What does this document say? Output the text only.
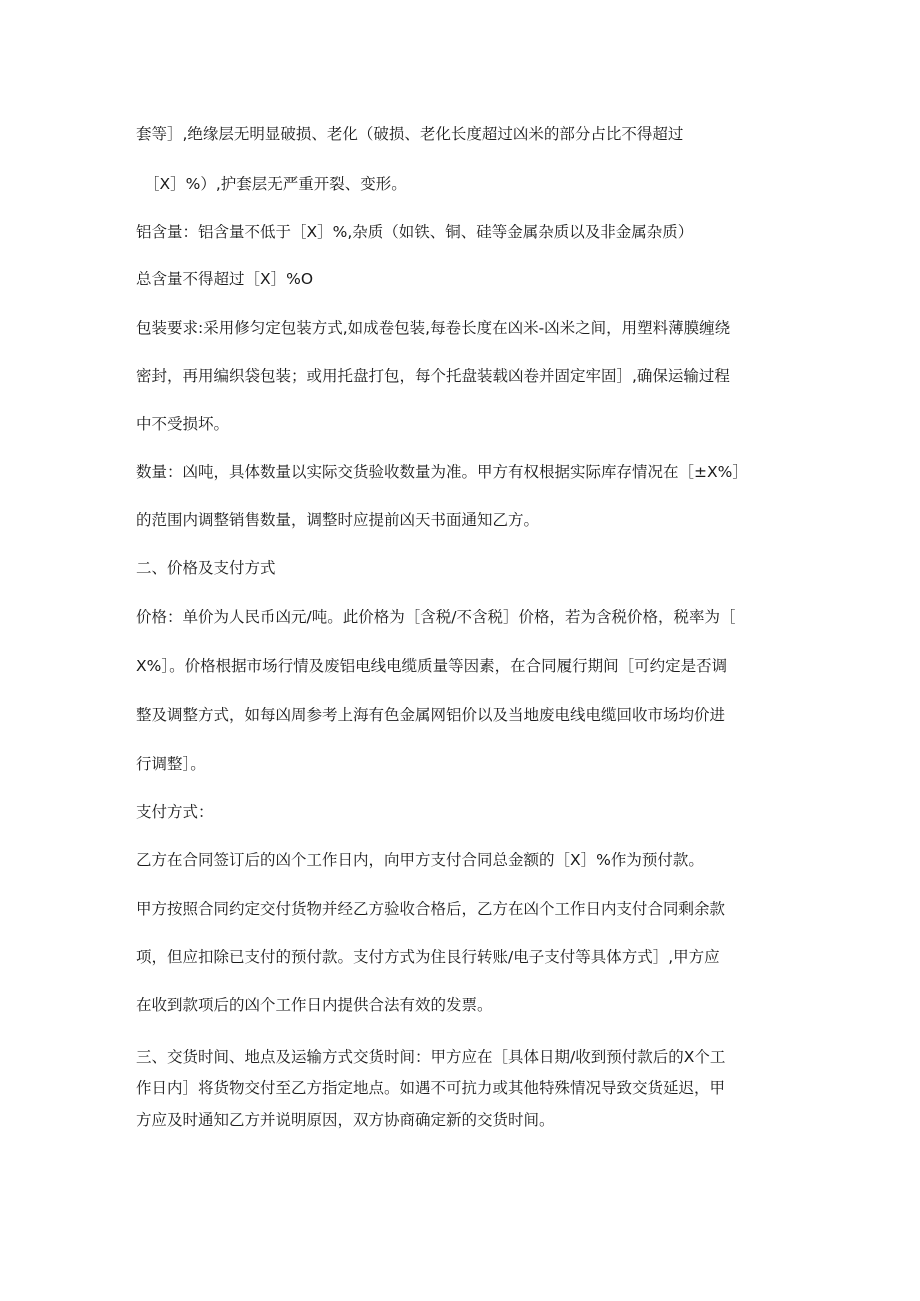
套等］,绝缘层无明显破损、老化（破损、老化长度超过凶米的部分占比不得超过
［X］%）,护套层无严重开裂、变形。
铝含量：铝含量不低于［X］%,杂质（如铁、铜、硅等金属杂质以及非金属杂质）
总含量不得超过［X］%O
包装要求:采用修匀定包装方式,如成卷包装,每卷长度在凶米-凶米之间，用塑料薄膜缠绕
密封，再用编织袋包装；或用托盘打包，每个托盘装载凶卷并固定牢固］,确保运输过程
中不受损坏。
数量：凶吨，具体数量以实际交货验收数量为准。甲方有权根据实际库存情况在［±X%］
的范围内调整销售数量，调整时应提前凶天书面通知乙方。
二、价格及支付方式
价格：单价为人民币凶元/吨。此价格为［含税/不含税］价格，若为含税价格，税率为［
X%］。价格根据市场行情及废铝电线电缆质量等因素，在合同履行期间［可约定是否调
整及调整方式，如每凶周参考上海有色金属网铝价以及当地废电线电缆回收市场均价进
行调整］。
支付方式：
乙方在合同签订后的凶个工作日内，向甲方支付合同总金额的［X］%作为预付款。
甲方按照合同约定交付货物并经乙方验收合格后，乙方在凶个工作日内支付合同剩余款
项，但应扣除已支付的预付款。支付方式为住艮行转账/电子支付等具体方式］,甲方应
在收到款项后的凶个工作日内提供合法有效的发票。
三、交货时间、地点及运输方式交货时间：甲方应在［具体日期/收到预付款后的X个工
作日内］将货物交付至乙方指定地点。如遇不可抗力或其他特殊情况导致交货延迟，甲
方应及时通知乙方并说明原因，双方协商确定新的交货时间。
